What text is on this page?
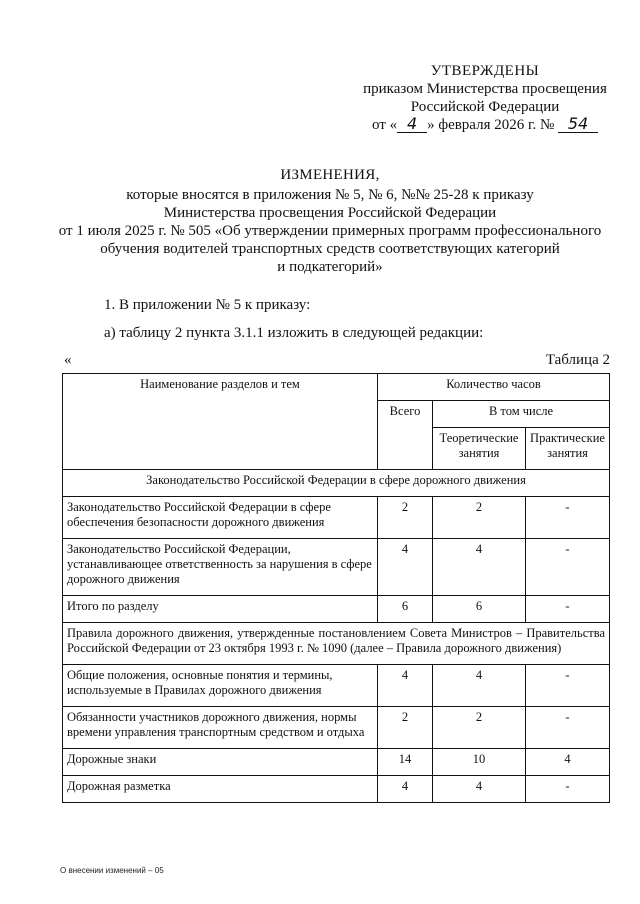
УТВЕРЖДЕНЫ
приказом Министерства просвещения
Российской Федерации
от « 4 » февраля 2026 г. № 54
ИЗМЕНЕНИЯ,
которые вносятся в приложения № 5, № 6, №№ 25-28 к приказу
Министерства просвещения Российской Федерации
от 1 июля 2025 г. № 505 «Об утверждении примерных программ профессионального
обучения водителей транспортных средств соответствующих категорий
и подкатегорий»
1. В приложении № 5 к приказу:
а) таблицу 2 пункта 3.1.1 изложить в следующей редакции:
«	Таблица 2
Наименование разделов и тем	Количество часов		
	Всего	В том числе	
		Теоретические занятия	Практические занятия
Законодательство Российской Федерации в сфере дорожного движения			
Законодательство Российской Федерации в сфере обеспечения безопасности дорожного движения	2	2	-
Законодательство Российской Федерации, устанавливающее ответственность за нарушения в сфере дорожного движения	4	4	-
Итого по разделу	6	6	-
Правила дорожного движения, утвержденные постановлением Совета Министров – Правительства Российской Федерации от 23 октября 1993 г. № 1090 (далее – Правила дорожного движения)			
Общие положения, основные понятия и термины, используемые в Правилах дорожного движения	4	4	-
Обязанности участников дорожного движения, нормы времени управления транспортным средством и отдыха	2	2	-
Дорожные знаки	14	10	4
Дорожная разметка	4	4	-
О внесении изменений – 05
